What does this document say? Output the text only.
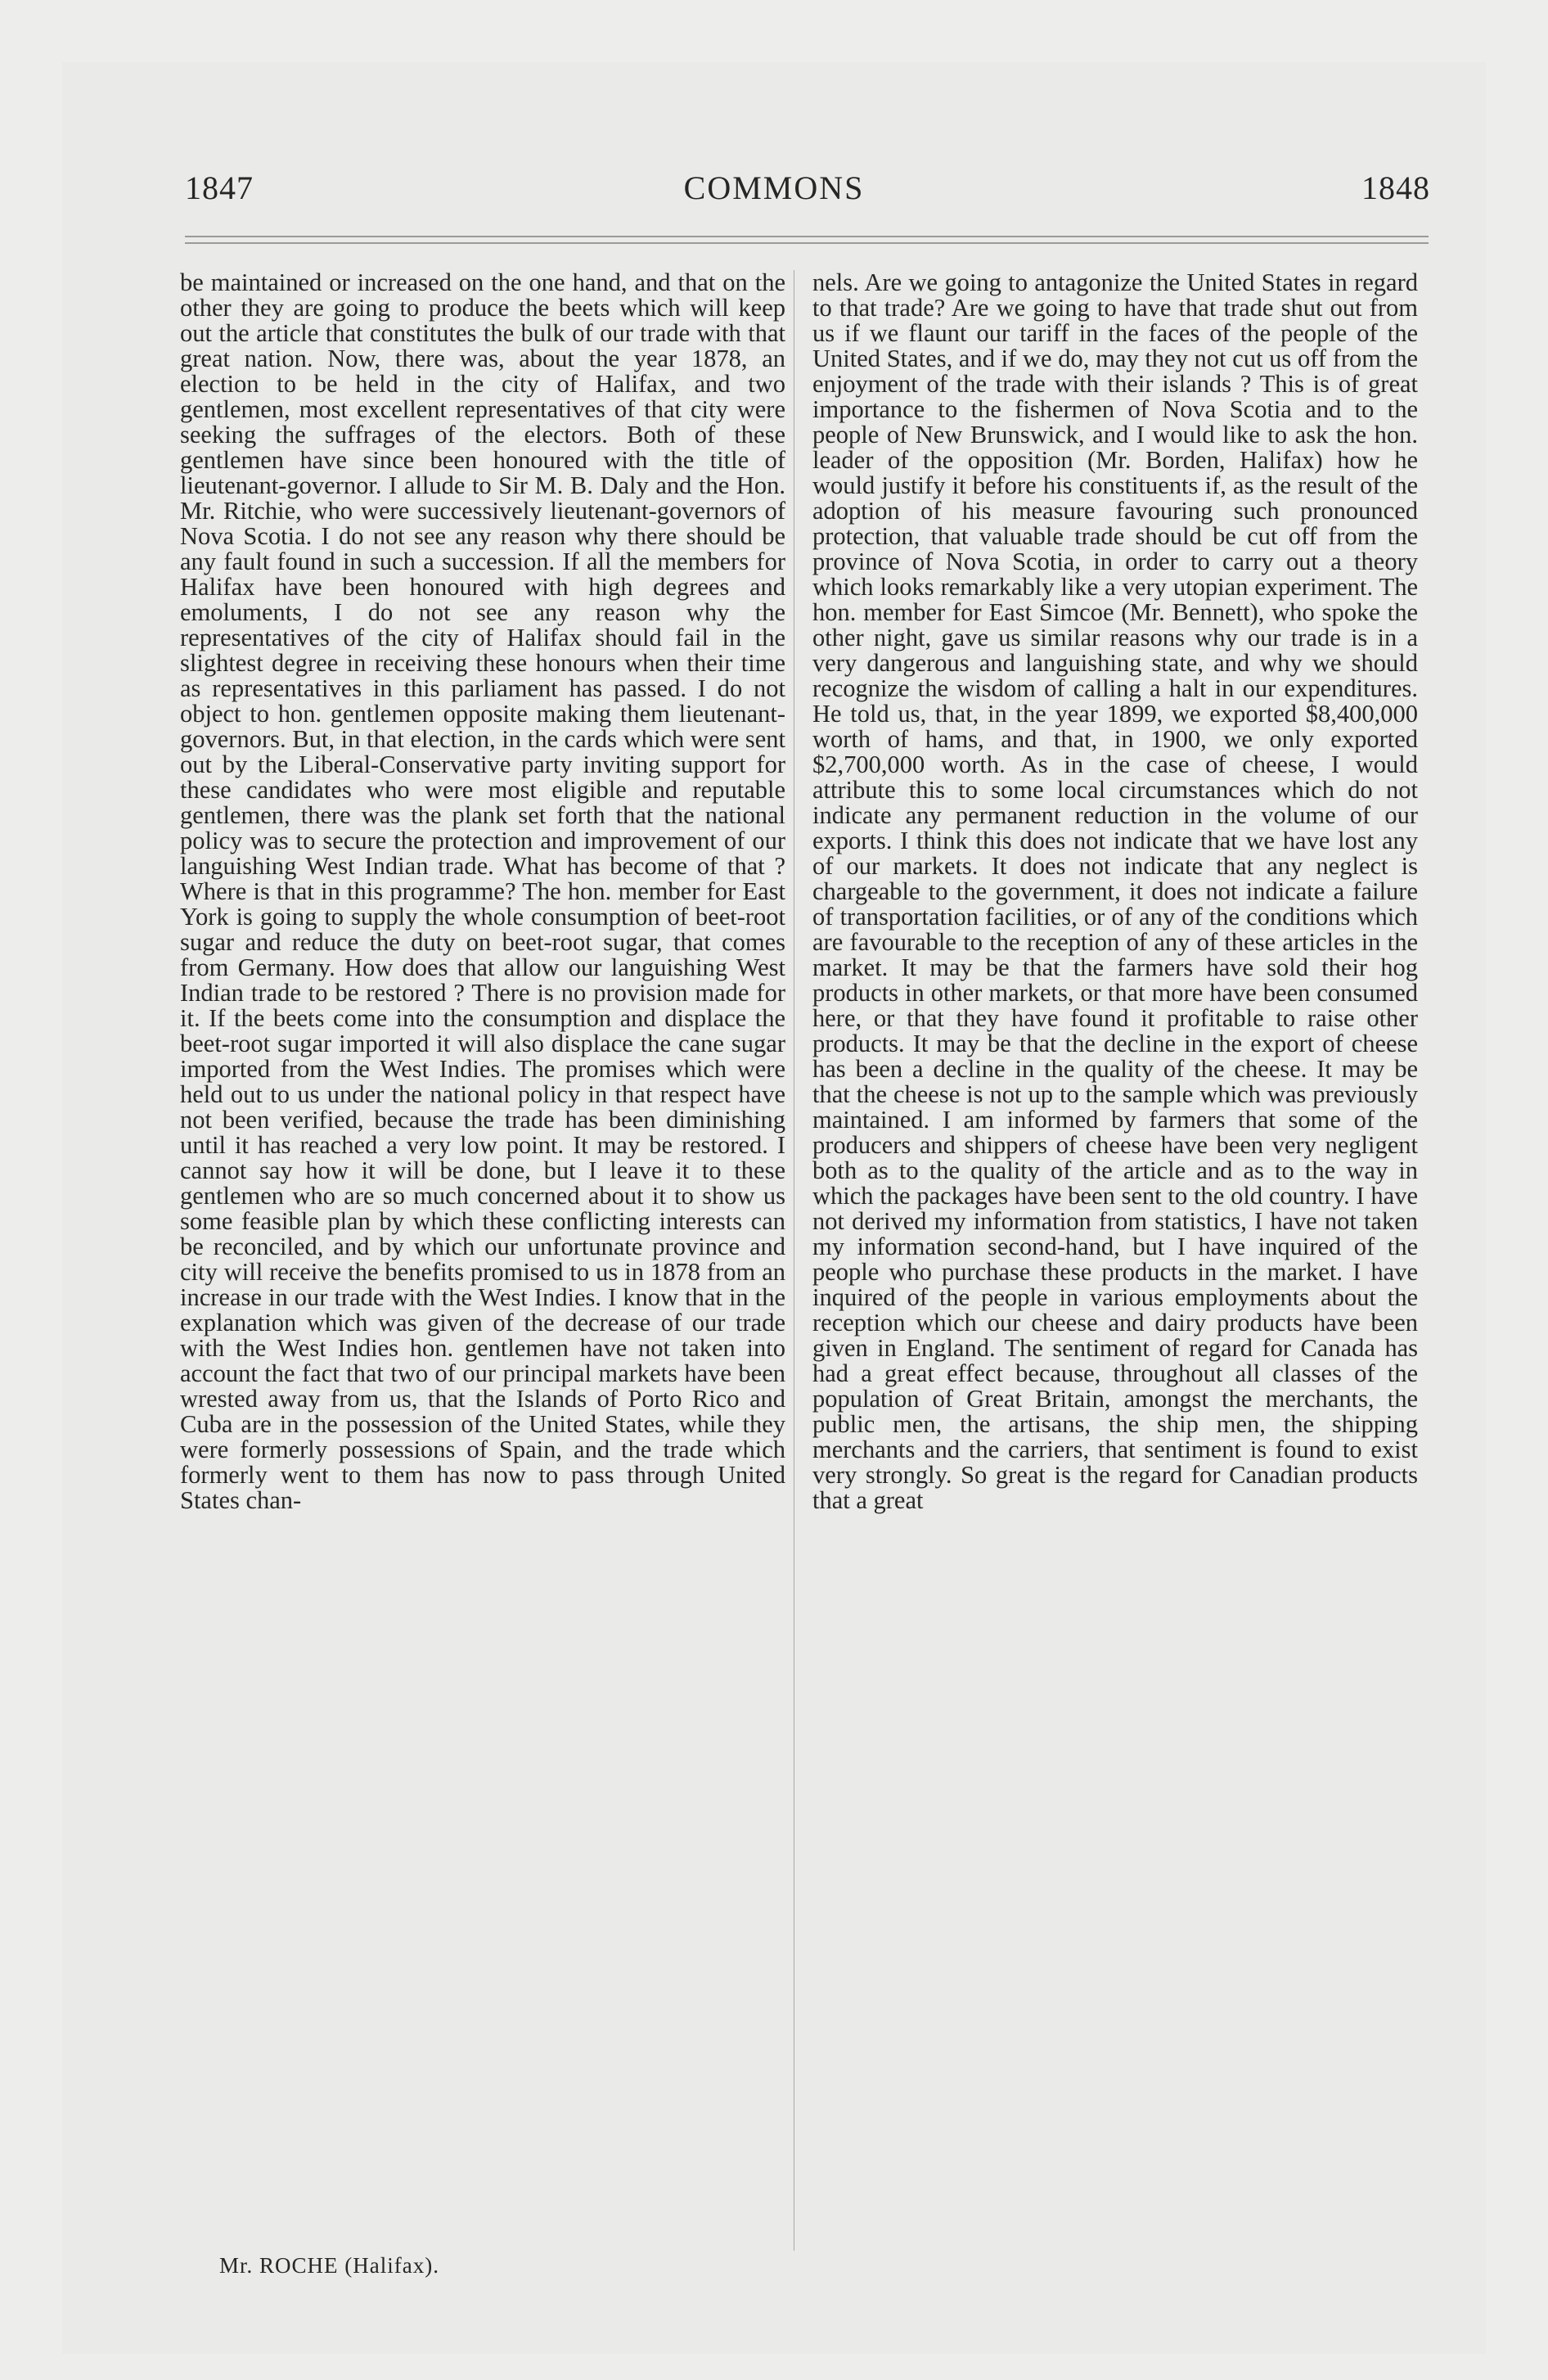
1847	COMMONS	1848

be maintained or increased on the one hand, and that on the other they are going to produce the beets which will keep out the article that constitutes the bulk of our trade with that great nation. Now, there was, about the year 1878, an election to be held in the city of Halifax, and two gentlemen, most excellent representatives of that city were seeking the suffrages of the electors. Both of these gentlemen have since been honoured with the title of lieutenant-governor. I allude to Sir M. B. Daly and the Hon. Mr. Ritchie, who were successively lieutenant-governors of Nova Scotia. I do not see any reason why there should be any fault found in such a succession. If all the members for Halifax have been honoured with high degrees and emoluments, I do not see any reason why the representatives of the city of Halifax should fail in the slightest degree in receiving these honours when their time as representatives in this parliament has passed. I do not object to hon. gentlemen opposite making them lieutenant-governors. But, in that election, in the cards which were sent out by the Liberal-Conservative party inviting support for these candidates who were most eligible and reputable gentlemen, there was the plank set forth that the national policy was to secure the protection and improvement of our languishing West Indian trade. What has become of that ? Where is that in this programme? The hon. member for East York is going to supply the whole consumption of beet-root sugar and reduce the duty on beet-root sugar, that comes from Germany. How does that allow our languishing West Indian trade to be restored ? There is no provision made for it. If the beets come into the consumption and displace the beet-root sugar imported it will also displace the cane sugar imported from the West Indies. The promises which were held out to us under the national policy in that respect have not been verified, because the trade has been diminishing until it has reached a very low point. It may be restored. I cannot say how it will be done, but I leave it to these gentlemen who are so much concerned about it to show us some feasible plan by which these conflicting interests can be reconciled, and by which our unfortunate province and city will receive the benefits promised to us in 1878 from an increase in our trade with the West Indies. I know that in the explanation which was given of the decrease of our trade with the West Indies hon. gentlemen have not taken into account the fact that two of our principal markets have been wrested away from us, that the Islands of Porto Rico and Cuba are in the possession of the United States, while they were formerly possessions of Spain, and the trade which formerly went to them has now to pass through United States chan-

nels. Are we going to antagonize the United States in regard to that trade? Are we going to have that trade shut out from us if we flaunt our tariff in the faces of the people of the United States, and if we do, may they not cut us off from the enjoyment of the trade with their islands ? This is of great importance to the fishermen of Nova Scotia and to the people of New Brunswick, and I would like to ask the hon. leader of the opposition (Mr. Borden, Halifax) how he would justify it before his constituents if, as the result of the adoption of his measure favouring such pronounced protection, that valuable trade should be cut off from the province of Nova Scotia, in order to carry out a theory which looks remarkably like a very utopian experiment. The hon. member for East Simcoe (Mr. Bennett), who spoke the other night, gave us similar reasons why our trade is in a very dangerous and languishing state, and why we should recognize the wisdom of calling a halt in our expenditures. He told us, that, in the year 1899, we exported $8,400,000 worth of hams, and that, in 1900, we only exported $2,700,000 worth. As in the case of cheese, I would attribute this to some local circumstances which do not indicate any permanent reduction in the volume of our exports. I think this does not indicate that we have lost any of our markets. It does not indicate that any neglect is chargeable to the government, it does not indicate a failure of transportation facilities, or of any of the conditions which are favourable to the reception of any of these articles in the market. It may be that the farmers have sold their hog products in other markets, or that more have been consumed here, or that they have found it profitable to raise other products. It may be that the decline in the export of cheese has been a decline in the quality of the cheese. It may be that the cheese is not up to the sample which was previously maintained. I am informed by farmers that some of the producers and shippers of cheese have been very negligent both as to the quality of the article and as to the way in which the packages have been sent to the old country. I have not derived my information from statistics, I have not taken my information second-hand, but I have inquired of the people who purchase these products in the market. I have inquired of the people in various employments about the reception which our cheese and dairy products have been given in England. The sentiment of regard for Canada has had a great effect because, throughout all classes of the population of Great Britain, amongst the merchants, the public men, the artisans, the ship men, the shipping merchants and the carriers, that sentiment is found to exist very strongly. So great is the regard for Canadian products that a great

Mr. ROCHE (Halifax).
